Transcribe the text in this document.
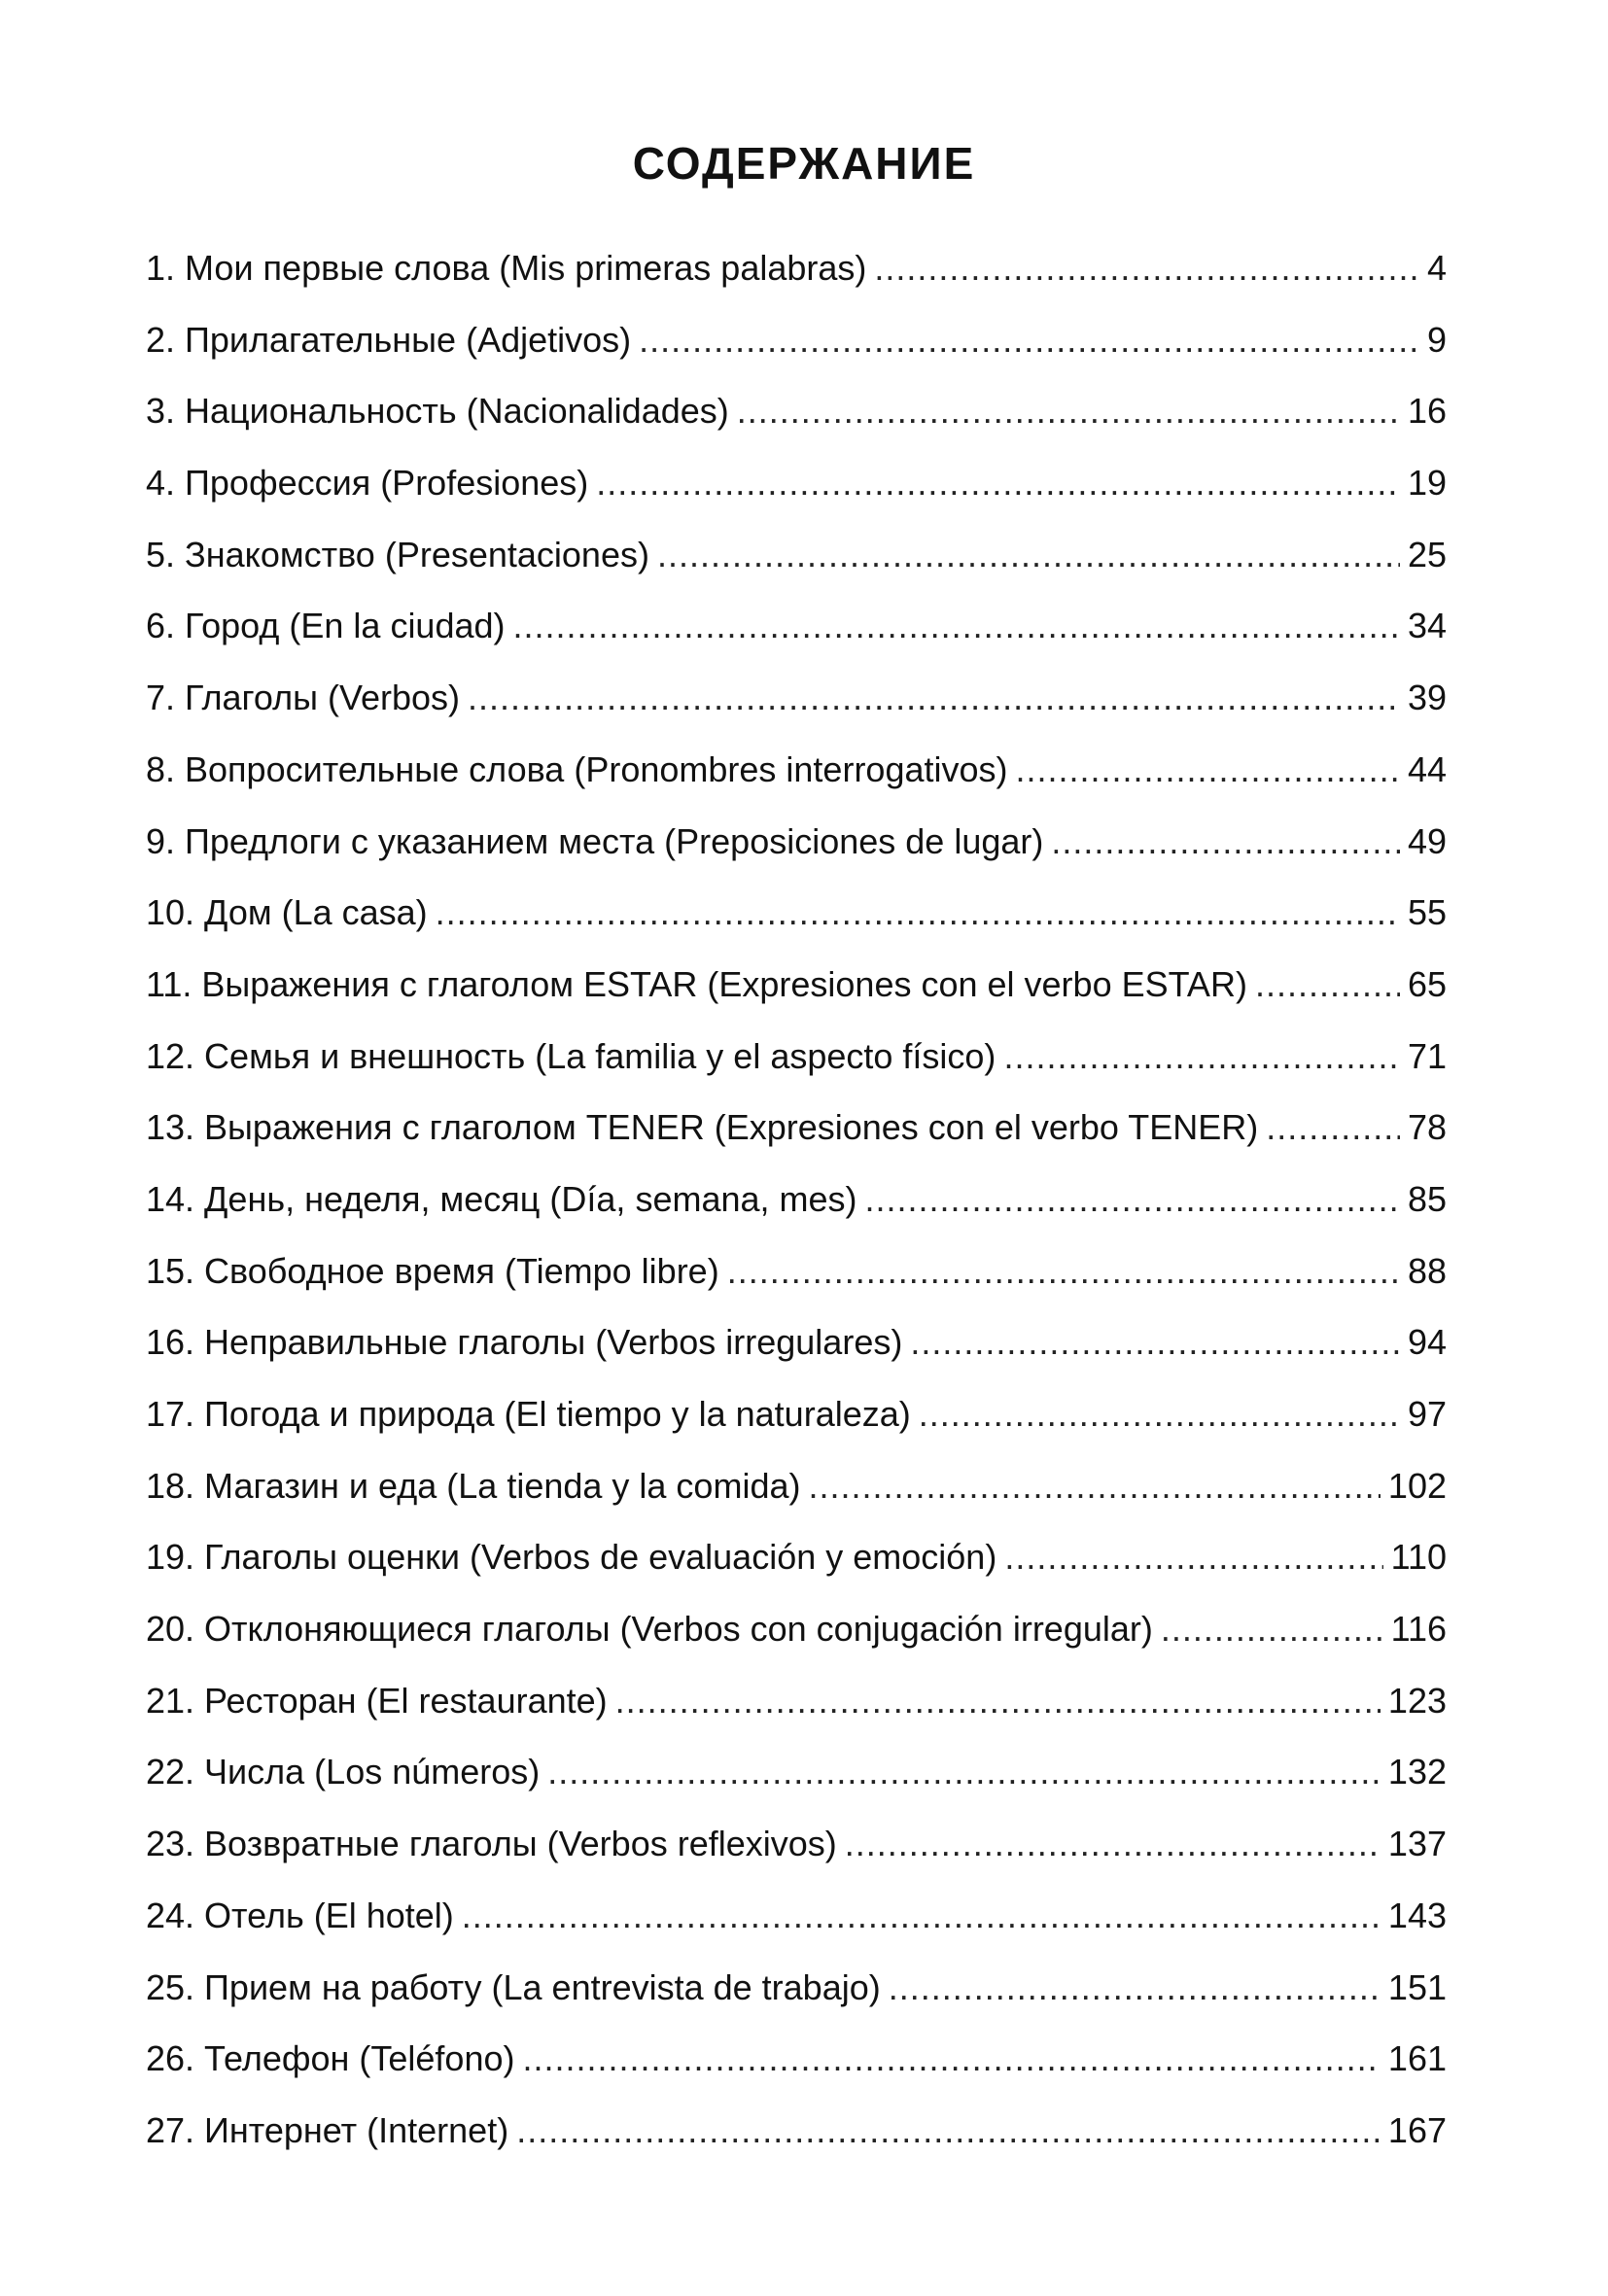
СОДЕРЖАНИЕ
1. Мои первые слова (Mis primeras palabras) .....	4
2. Прилагательные (Adjetivos) .....	9
3. Национальность (Nacionalidades) .....	16
4. Профессия (Profesiones) .....	19
5. Знакомство (Presentaciones) .....	25
6. Город (En la ciudad) .....	34
7. Глаголы (Verbos) .....	39
8. Вопросительные слова (Pronombres interrogativos) .....	44
9. Предлоги с указанием места (Preposiciones de lugar) .....	49
10. Дом (La casa) .....	55
11. Выражения с глаголом ESTAR (Expresiones con el verbo ESTAR) .....	65
12. Семья и внешность (La familia y el aspecto físico) .....	71
13. Выражения с глаголом TENER (Expresiones con el verbo TENER) .....	78
14. День, неделя, месяц (Día, semana, mes) .....	85
15. Свободное время (Tiempo libre) .....	88
16. Неправильные глаголы (Verbos irregulares) .....	94
17. Погода и природа (El tiempo y la naturaleza) .....	97
18. Магазин и еда (La tienda y la comida) .....	102
19. Глаголы оценки (Verbos de evaluación y emoción) .....	110
20. Отклоняющиеся глаголы (Verbos con conjugación irregular) .....	116
21. Ресторан (El restaurante) .....	123
22. Числа (Los números) .....	132
23. Возвратные глаголы (Verbos reflexivos) .....	137
24. Отель (El hotel) .....	143
25. Прием на работу (La entrevista de trabajo) .....	151
26. Телефон (Teléfono) .....	161
27. Интернет (Internet) .....	167
